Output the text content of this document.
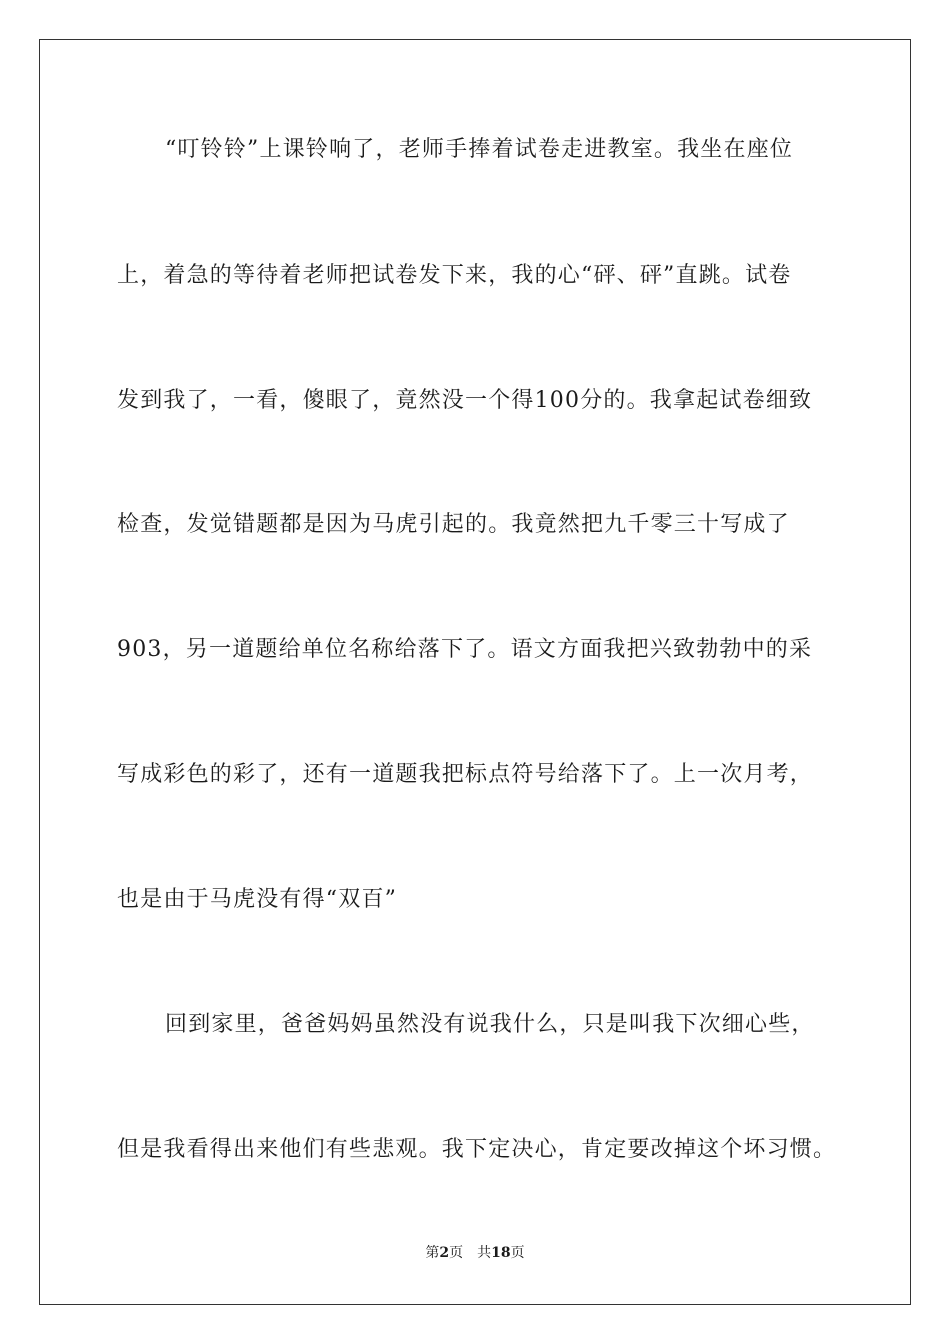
“叮铃铃”上课铃响了，老师手捧着试卷走进教室。我坐在座位
上，着急的等待着老师把试卷发下来，我的心“砰、砰”直跳。试卷
发到我了，一看，傻眼了，竟然没一个得100分的。我拿起试卷细致
检查，发觉错题都是因为马虎引起的。我竟然把九千零三十写成了
903，另一道题给单位名称给落下了。语文方面我把兴致勃勃中的采
写成彩色的彩了，还有一道题我把标点符号给落下了。上一次月考，
也是由于马虎没有得“双百”
回到家里，爸爸妈妈虽然没有说我什么，只是叫我下次细心些，
但是我看得出来他们有些悲观。我下定决心，肯定要改掉这个坏习惯。
第2页 共18页
